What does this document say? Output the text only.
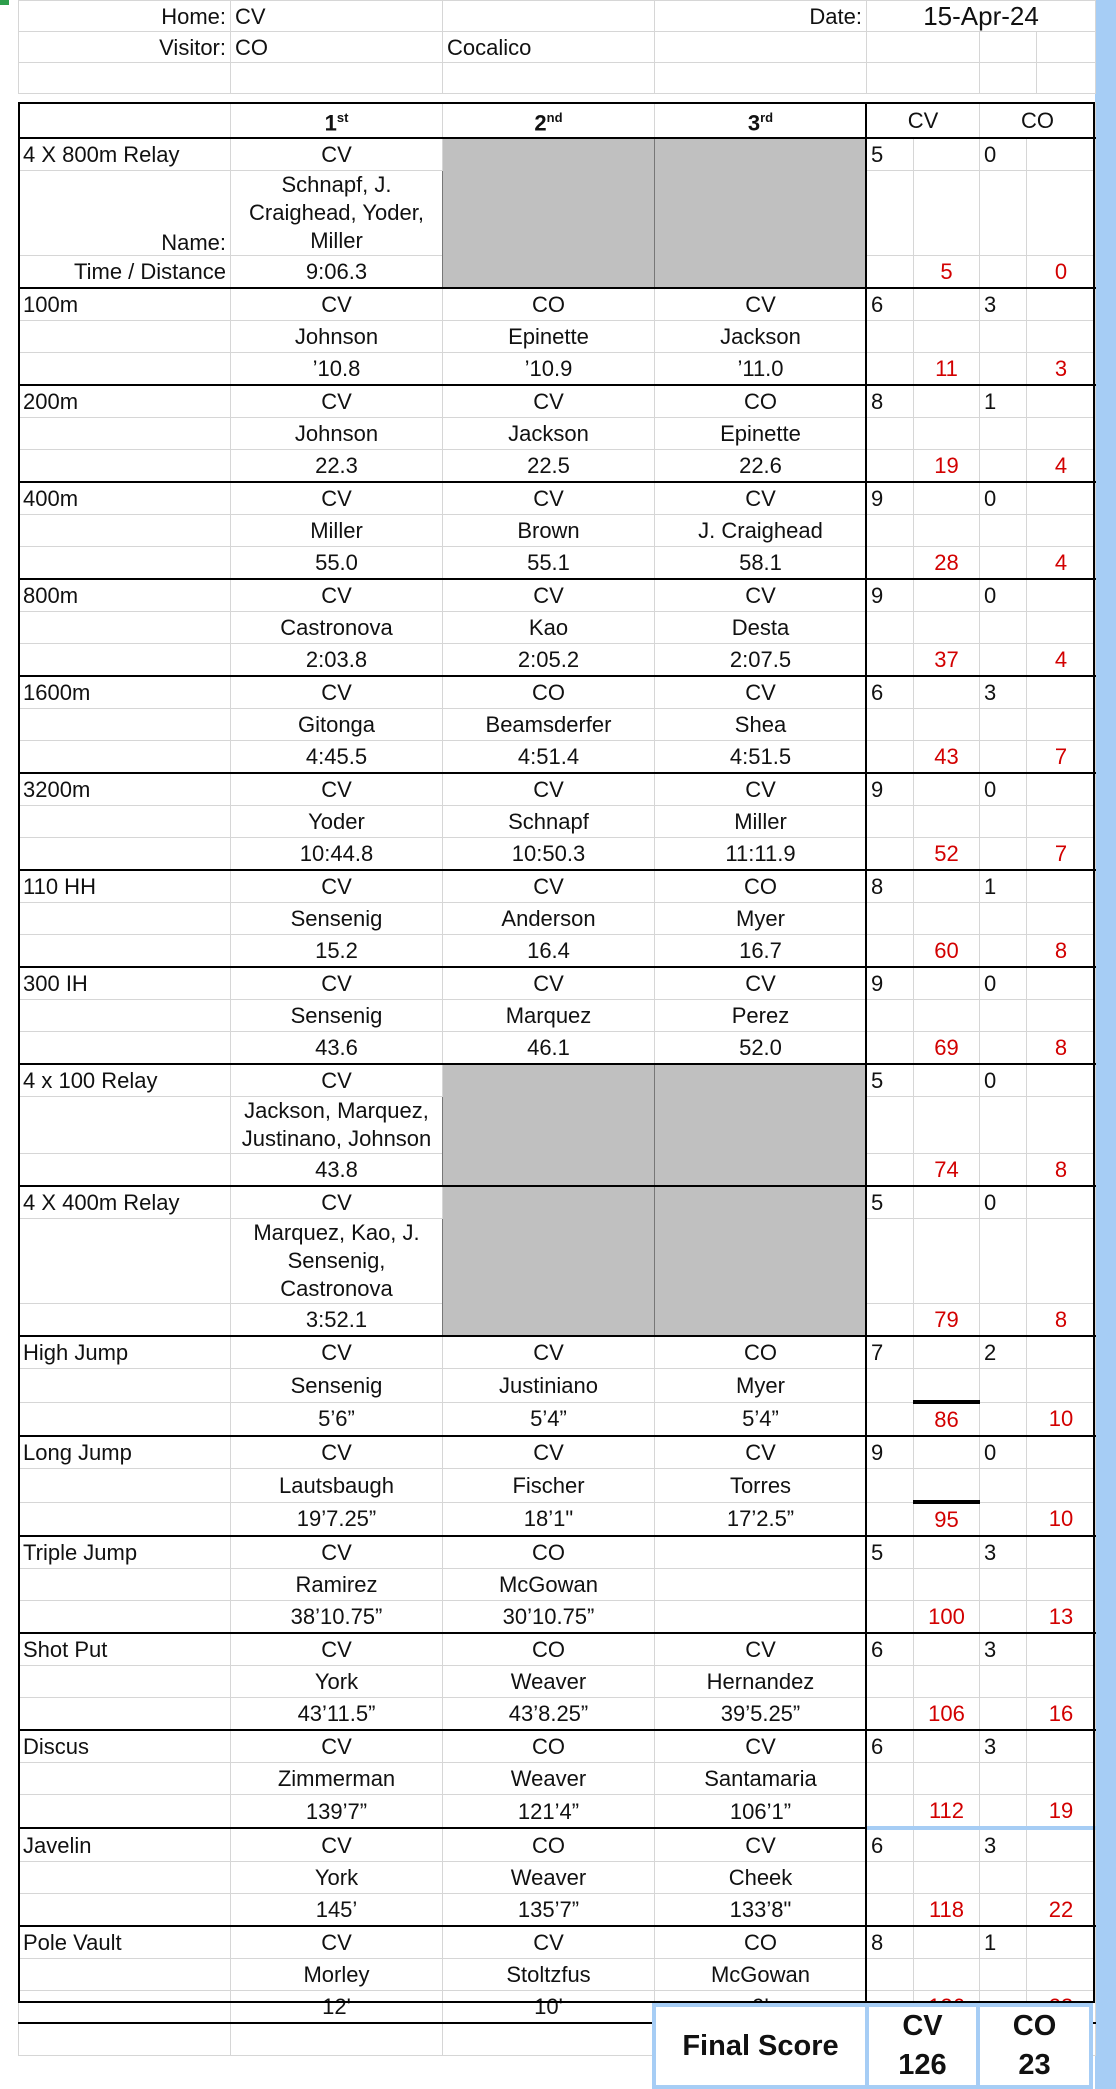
Home:	CV		Date:	15-Apr-24		
Visitor:	CO	Cocalico				

	1st	2nd	3rd	CV		CO	
4 X 800m Relay	CV			5		0	
Name:	Schnapf, J. Craighead, Yoder, Miller						
Time / Distance	9:06.3				5		0
100m	CV	CO	CV	6		3	
	Johnson	Epinette	Jackson				
	’10.8	’10.9	’11.0		11		3
200m	CV	CV	CO	8		1	
	Johnson	Jackson	Epinette				
	22.3	22.5	22.6		19		4
400m	CV	CV	CV	9		0	
	Miller	Brown	J. Craighead				
	55.0	55.1	58.1		28		4
800m	CV	CV	CV	9		0	
	Castronova	Kao	Desta				
	2:03.8	2:05.2	2:07.5		37		4
1600m	CV	CO	CV	6		3	
	Gitonga	Beamsderfer	Shea				
	4:45.5	4:51.4	4:51.5		43		7
3200m	CV	CV	CV	9		0	
	Yoder	Schnapf	Miller				
	10:44.8	10:50.3	11:11.9		52		7
110 HH	CV	CV	CO	8		1	
	Sensenig	Anderson	Myer				
	15.2	16.4	16.7		60		8
300 IH	CV	CV	CV	9		0	
	Sensenig	Marquez	Perez				
	43.6	46.1	52.0		69		8
4 x 100 Relay	CV			5		0	
	Jackson, Marquez, Justinano, Johnson						
	43.8				74		8
4 X 400m Relay	CV			5		0	
	Marquez, Kao, J. Sensenig, Castronova						
	3:52.1				79		8
High Jump	CV	CV	CO	7		2	
	Sensenig	Justiniano	Myer				
	5’6”	5’4”	5’4”		86		10
Long Jump	CV	CV	CV	9		0	
	Lautsbaugh	Fischer	Torres				
	19’7.25”	18’1"	17’2.5”		95		10
Triple Jump	CV	CO		5		3	
	Ramirez	McGowan					
	38’10.75”	30’10.75”			100		13
Shot Put	CV	CO	CV	6		3	
	York	Weaver	Hernandez				
	43’11.5”	43’8.25”	39’5.25”		106		16
Discus	CV	CO	CV	6		3	
	Zimmerman	Weaver	Santamaria				
	139’7”	121’4”	106’1”		112		19
Javelin	CV	CO	CV	6		3	
	York	Weaver	Cheek				
	145’	135’7”	133’8"		118		22
Pole Vault	CV	CV	CO	8		1	
	Morley	Stoltzfus	McGowan				
	12'	10'					

Final Score	CV	CO
	126	23
